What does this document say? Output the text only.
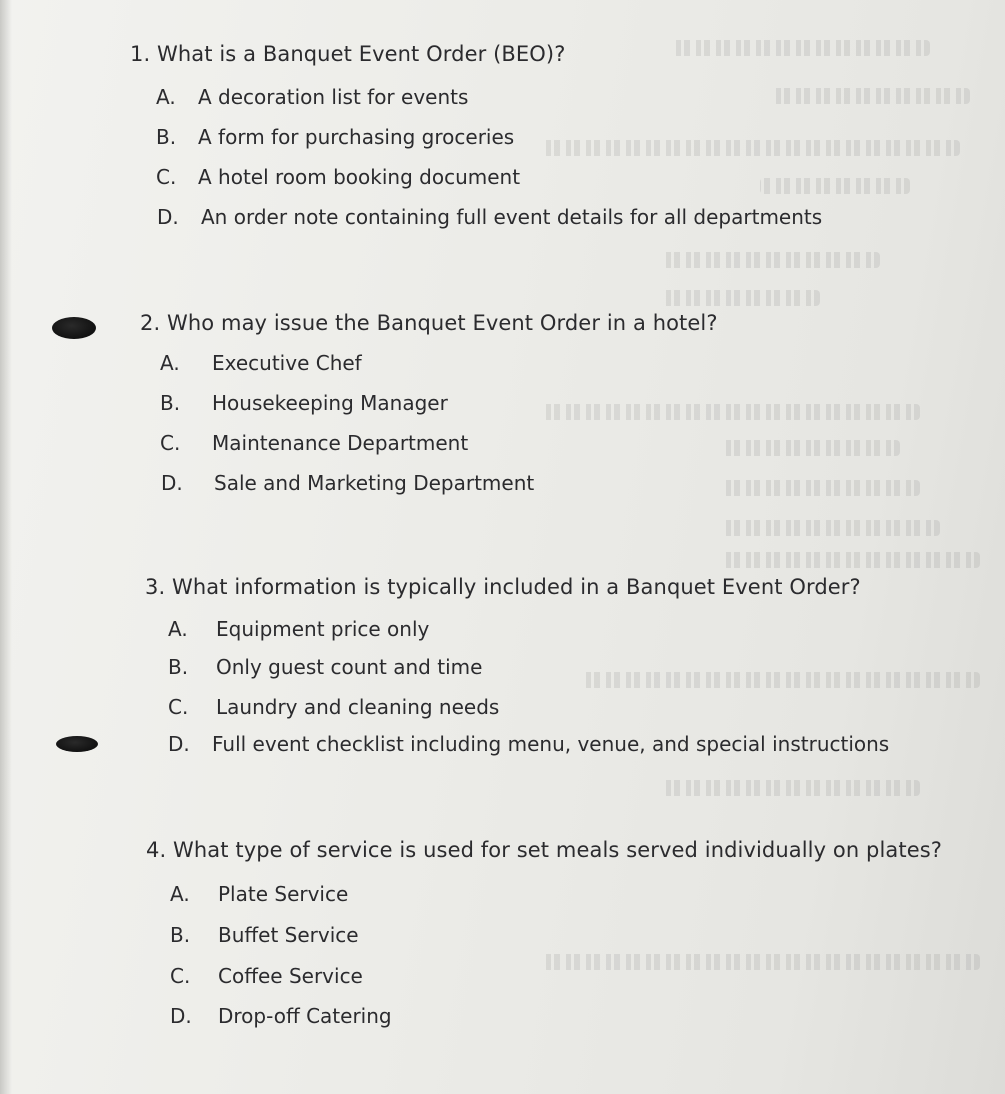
1. What is a Banquet Event Order (BEO)?
A. A decoration list for events
B. A form for purchasing groceries
C. A hotel room booking document
D. An order note containing full event details for all departments
2. Who may issue the Banquet Event Order in a hotel?
A. Executive Chef
B. Housekeeping Manager
C. Maintenance Department
D. Sale and Marketing Department
3. What information is typically included in a Banquet Event Order?
A. Equipment price only
B. Only guest count and time
C. Laundry and cleaning needs
D. Full event checklist including menu, venue, and special instructions
4. What type of service is used for set meals served individually on plates?
A. Plate Service
B. Buffet Service
C. Coffee Service
D. Drop-off Catering
